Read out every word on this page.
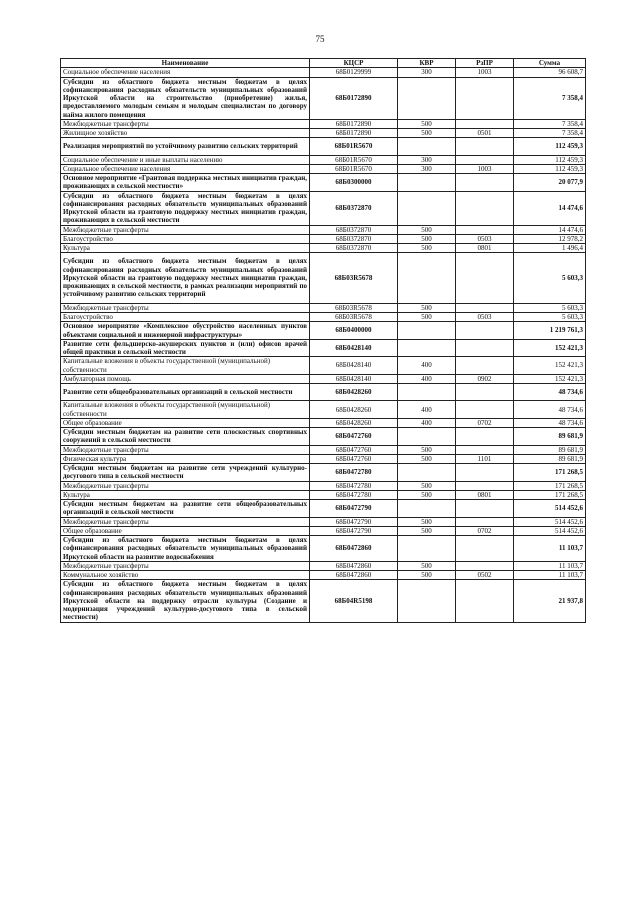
75
Наименование	КЦСР	КВР	РзПР	Сумма
Социальное обеспечение населения	68Б0129999	300	1003	96 608,7
Субсидии из областного бюджета местным бюджетам в целях софинансирования расходных обязательств муниципальных образований Иркутской области на строительство (приобретение) жилья, предоставляемого молодым семьям и молодым специалистам по договору найма жилого помещения	68Б0172890			7 358,4
Межбюджетные трансферты	68Б0172890	500		7 358,4
Жилищное хозяйство	68Б0172890	500	0501	7 358,4
Реализация мероприятий по устойчивому развитию сельских территорий	68Б01R5670			112 459,3
Социальное обеспечение и иные выплаты населению	68Б01R5670	300		112 459,3
Социальное обеспечение населения	68Б01R5670	300	1003	112 459,3
Основное мероприятие «Грантовая поддержка местных инициатив граждан, проживающих в сельской местности»	68Б0300000			20 077,9
Субсидии из областного бюджета местным бюджетам в целях софинансирования расходных обязательств муниципальных образований Иркутской области на грантовую поддержку местных инициатив граждан, проживающих в сельской местности	68Б0372870			14 474,6
Межбюджетные трансферты	68Б0372870	500		14 474,6
Благоустройство	68Б0372870	500	0503	12 978,2
Культура	68Б0372870	500	0801	1 496,4
Субсидии из областного бюджета местным бюджетам в целях софинансирования расходных обязательств муниципальных образований Иркутской области на грантовую поддержку местных инициатив граждан, проживающих в сельской местности, в рамках реализации мероприятий по устойчивому развитию сельских территорий	68Б03R5678			5 603,3
Межбюджетные трансферты	68Б03R5678	500		5 603,3
Благоустройство	68Б03R5678	500	0503	5 603,3
Основное мероприятие «Комплексное обустройство населенных пунктов объектами социальной и инженерной инфраструктуры»	68Б0400000			1 219 761,3
Развитие сети фельдшерско-акушерских пунктов и (или) офисов врачей общей практики в сельской местности	68Б0428140			152 421,3
Капитальные вложения в объекты государственной (муниципальной) собственности	68Б0428140	400		152 421,3
Амбулаторная помощь	68Б0428140	400	0902	152 421,3
Развитие сети общеобразовательных организаций в сельской местности	68Б0428260			48 734,6
Капитальные вложения в объекты государственной (муниципальной) собственности	68Б0428260	400		48 734,6
Общее образование	68Б0428260	400	0702	48 734,6
Субсидии местным бюджетам на развитие сети плоскостных спортивных сооружений в сельской местности	68Б0472760			89 681,9
Межбюджетные трансферты	68Б0472760	500		89 681,9
Физическая культура	68Б0472760	500	1101	89 681,9
Субсидии местным бюджетам на развитие сети учреждений культурно-досугового типа в сельской местности	68Б0472780			171 268,5
Межбюджетные трансферты	68Б0472780	500		171 268,5
Культура	68Б0472780	500	0801	171 268,5
Субсидии местным бюджетам на развитие сети общеобразовательных организаций в сельской местности	68Б0472790			514 452,6
Межбюджетные трансферты	68Б0472790	500		514 452,6
Общее образование	68Б0472790	500	0702	514 452,6
Субсидии из областного бюджета местным бюджетам в целях софинансирования расходных обязательств муниципальных образований Иркутской области на развитие водоснабжения	68Б0472860			11 103,7
Межбюджетные трансферты	68Б0472860	500		11 103,7
Коммунальное хозяйство	68Б0472860	500	0502	11 103,7
Субсидии из областного бюджета местным бюджетам в целях софинансирования расходных обязательств муниципальных образований Иркутской области на поддержку отрасли культуры (Создание и модернизация учреждений культурно-досугового типа в сельской местности)	68Б04R5198			21 937,8
